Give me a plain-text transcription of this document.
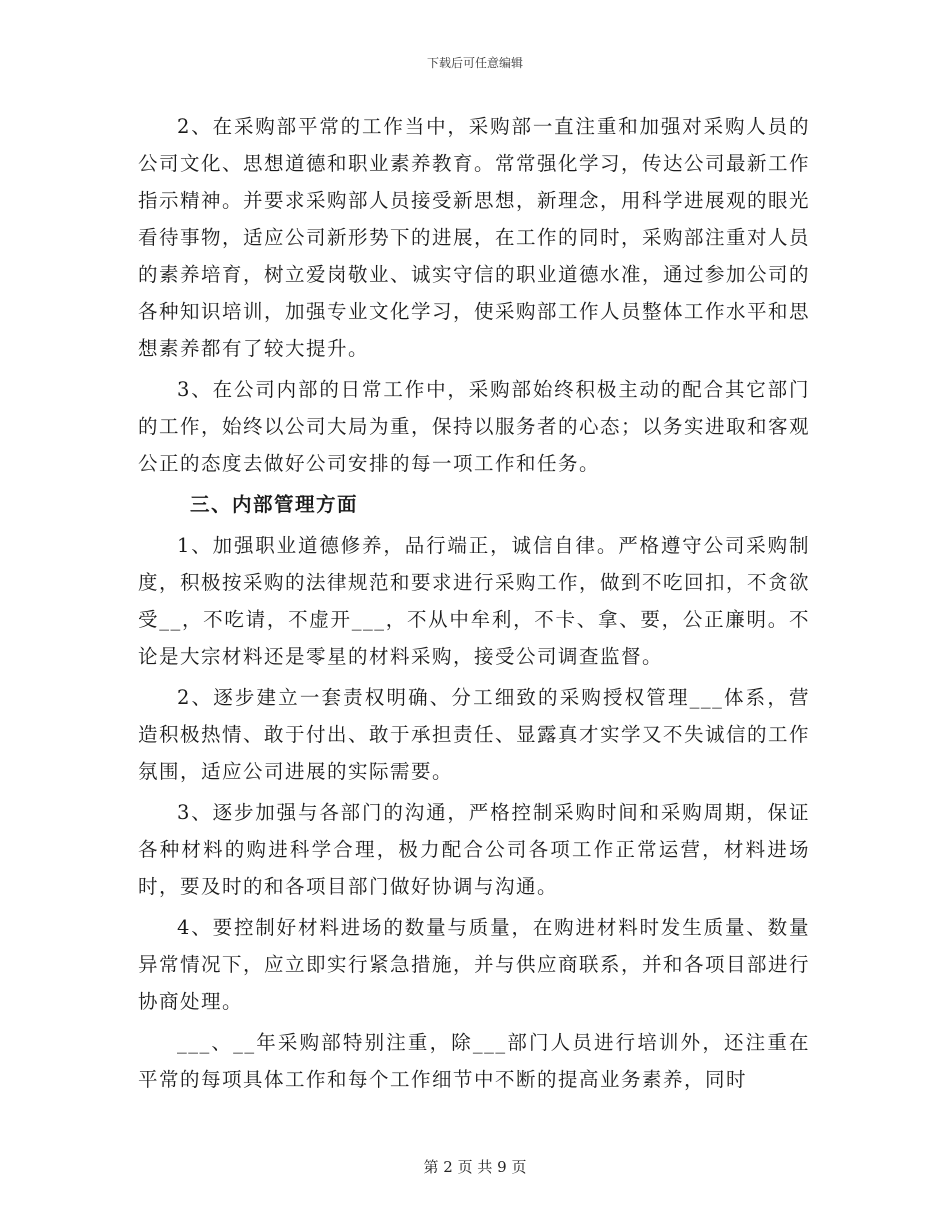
下载后可任意编辑

2、在采购部平常的工作当中，采购部一直注重和加强对采购人员的公司文化、思想道德和职业素养教育。常常强化学习，传达公司最新工作指示精神。并要求采购部人员接受新思想，新理念，用科学进展观的眼光看待事物，适应公司新形势下的进展，在工作的同时，采购部注重对人员的素养培育，树立爱岗敬业、诚实守信的职业道德水准，通过参加公司的各种知识培训，加强专业文化学习，使采购部工作人员整体工作水平和思想素养都有了较大提升。

3、在公司内部的日常工作中，采购部始终积极主动的配合其它部门的工作，始终以公司大局为重，保持以服务者的心态；以务实进取和客观公正的态度去做好公司安排的每一项工作和任务。

三、内部管理方面

1、加强职业道德修养，品行端正，诚信自律。严格遵守公司采购制度，积极按采购的法律规范和要求进行采购工作，做到不吃回扣，不贪欲受__，不吃请，不虚开___，不从中牟利，不卡、拿、要，公正廉明。不论是大宗材料还是零星的材料采购，接受公司调查监督。

2、逐步建立一套责权明确、分工细致的采购授权管理___体系，营造积极热情、敢于付出、敢于承担责任、显露真才实学又不失诚信的工作氛围，适应公司进展的实际需要。

3、逐步加强与各部门的沟通，严格控制采购时间和采购周期，保证各种材料的购进科学合理，极力配合公司各项工作正常运营，材料进场时，要及时的和各项目部门做好协调与沟通。

4、要控制好材料进场的数量与质量，在购进材料时发生质量、数量异常情况下，应立即实行紧急措施，并与供应商联系，并和各项目部进行协商处理。

___、__年采购部特别注重，除___部门人员进行培训外，还注重在平常的每项具体工作和每个工作细节中不断的提高业务素养，同时

第 2 页 共 9 页
